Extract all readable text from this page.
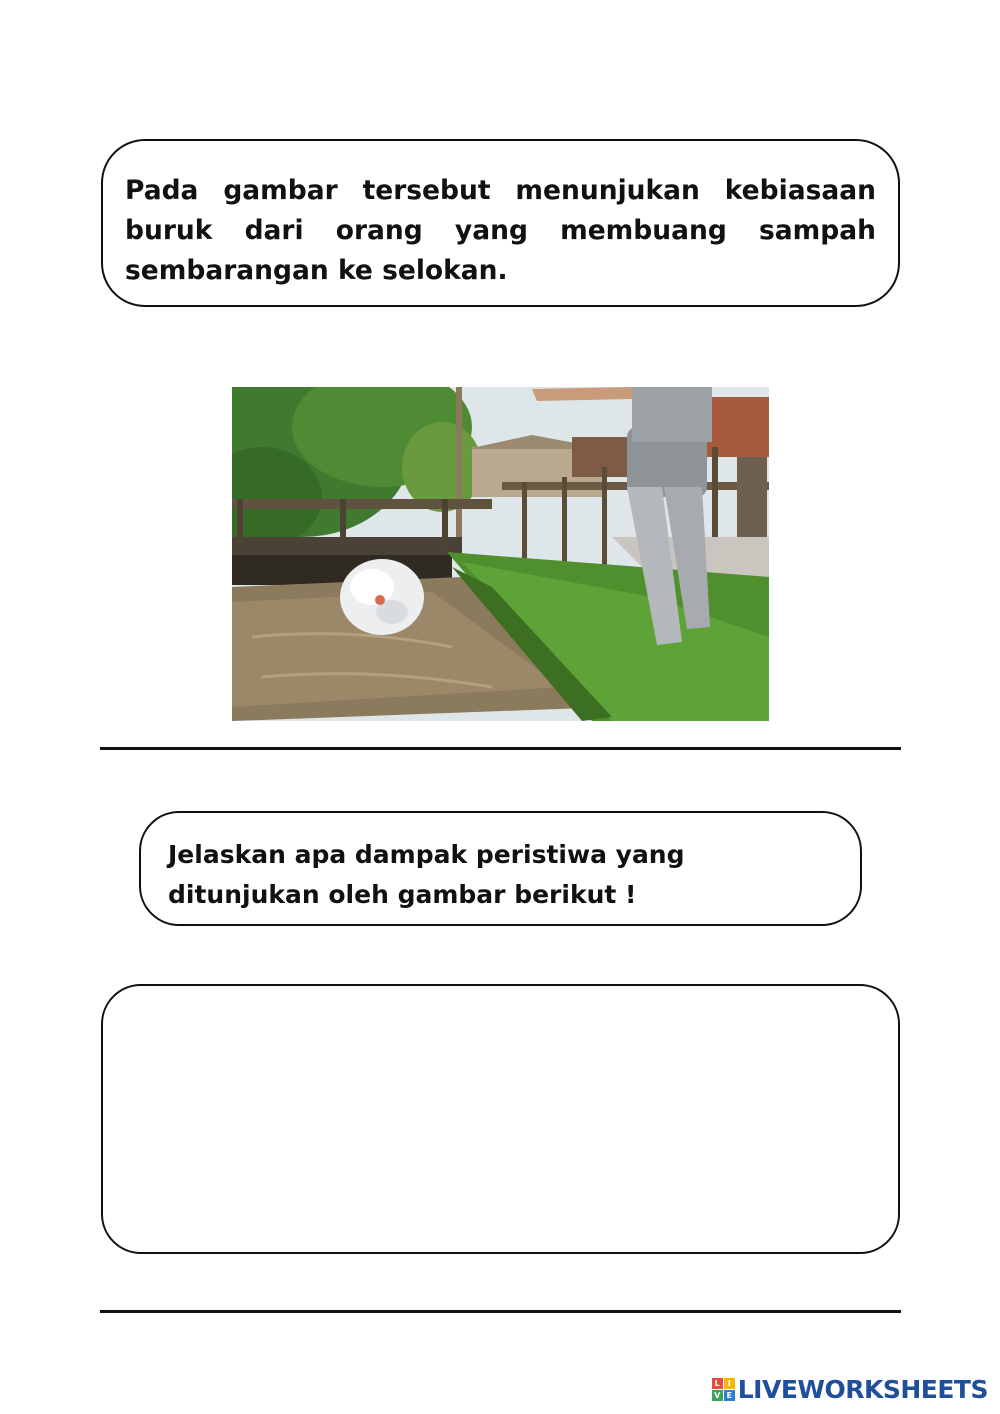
Pada gambar tersebut menunjukan kebiasaan buruk dari orang yang membuang sampah sembarangan ke selokan.

Jelaskan apa dampak peristiwa yang ditunjukan oleh gambar berikut !

L I
V E LIVEWORKSHEETS
